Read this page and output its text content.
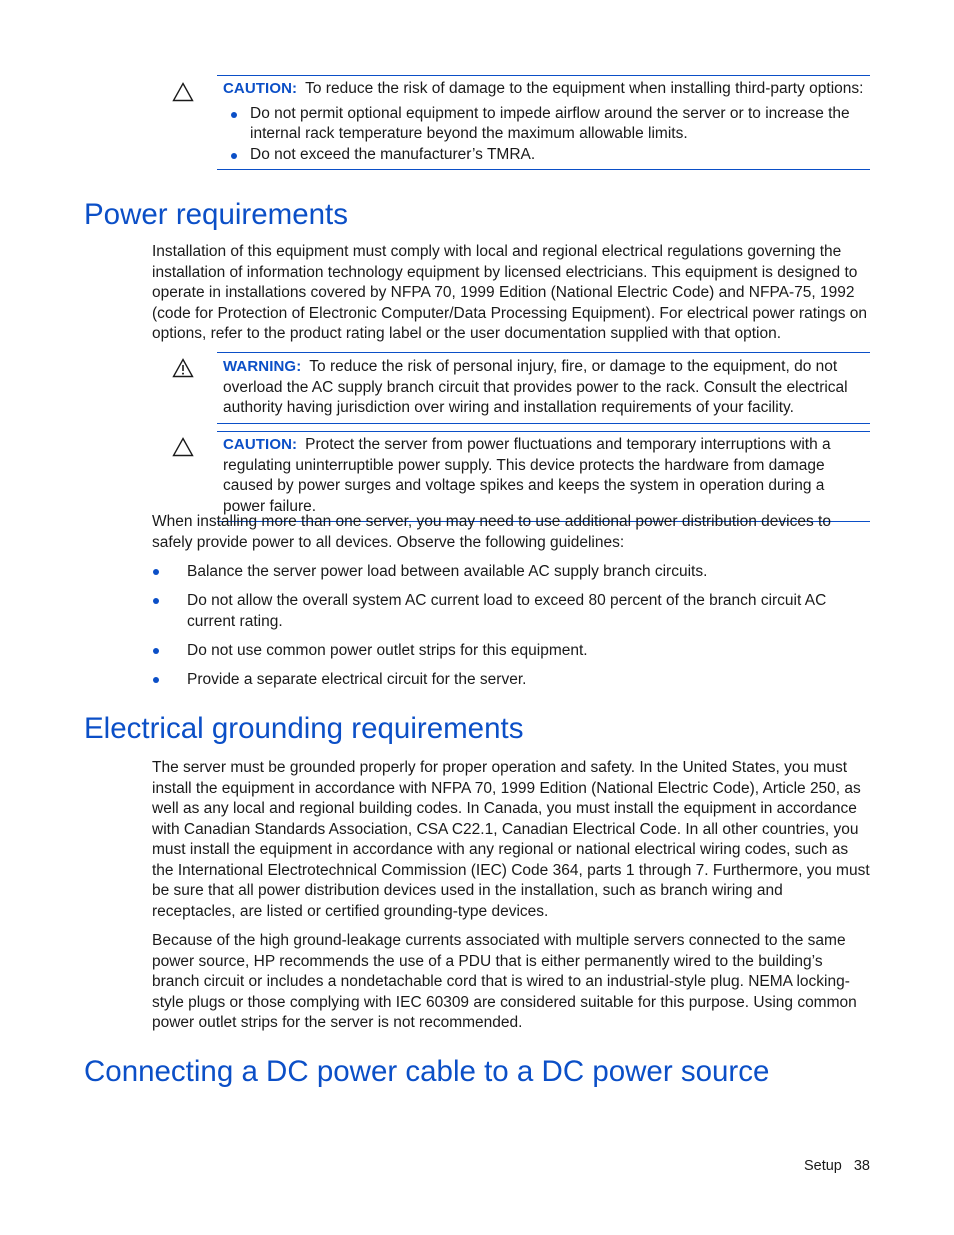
CAUTION: To reduce the risk of damage to the equipment when installing third-party options:

Do not permit optional equipment to impede airflow around the server or to increase the internal rack temperature beyond the maximum allowable limits.
Do not exceed the manufacturer’s TMRA.
Power requirements

Installation of this equipment must comply with local and regional electrical regulations governing the installation of information technology equipment by licensed electricians. This equipment is designed to operate in installations covered by NFPA 70, 1999 Edition (National Electric Code) and NFPA-75, 1992 (code for Protection of Electronic Computer/Data Processing Equipment). For electrical power ratings on options, refer to the product rating label or the user documentation supplied with that option.

WARNING: To reduce the risk of personal injury, fire, or damage to the equipment, do not overload the AC supply branch circuit that provides power to the rack. Consult the electrical authority having jurisdiction over wiring and installation requirements of your facility.

CAUTION: Protect the server from power fluctuations and temporary interruptions with a regulating uninterruptible power supply. This device protects the hardware from damage caused by power surges and voltage spikes and keeps the system in operation during a power failure.

When installing more than one server, you may need to use additional power distribution devices to safely provide power to all devices. Observe the following guidelines:

Balance the server power load between available AC supply branch circuits.
Do not allow the overall system AC current load to exceed 80 percent of the branch circuit AC current rating.
Do not use common power outlet strips for this equipment.
Provide a separate electrical circuit for the server.
Electrical grounding requirements

The server must be grounded properly for proper operation and safety. In the United States, you must install the equipment in accordance with NFPA 70, 1999 Edition (National Electric Code), Article 250, as well as any local and regional building codes. In Canada, you must install the equipment in accordance with Canadian Standards Association, CSA C22.1, Canadian Electrical Code. In all other countries, you must install the equipment in accordance with any regional or national electrical wiring codes, such as the International Electrotechnical Commission (IEC) Code 364, parts 1 through 7. Furthermore, you must be sure that all power distribution devices used in the installation, such as branch wiring and receptacles, are listed or certified grounding-type devices.

Because of the high ground-leakage currents associated with multiple servers connected to the same power source, HP recommends the use of a PDU that is either permanently wired to the building’s branch circuit or includes a nondetachable cord that is wired to an industrial-style plug. NEMA locking-style plugs or those complying with IEC 60309 are considered suitable for this purpose. Using common power outlet strips for the server is not recommended.

Connecting a DC power cable to a DC power source
Setup 38
